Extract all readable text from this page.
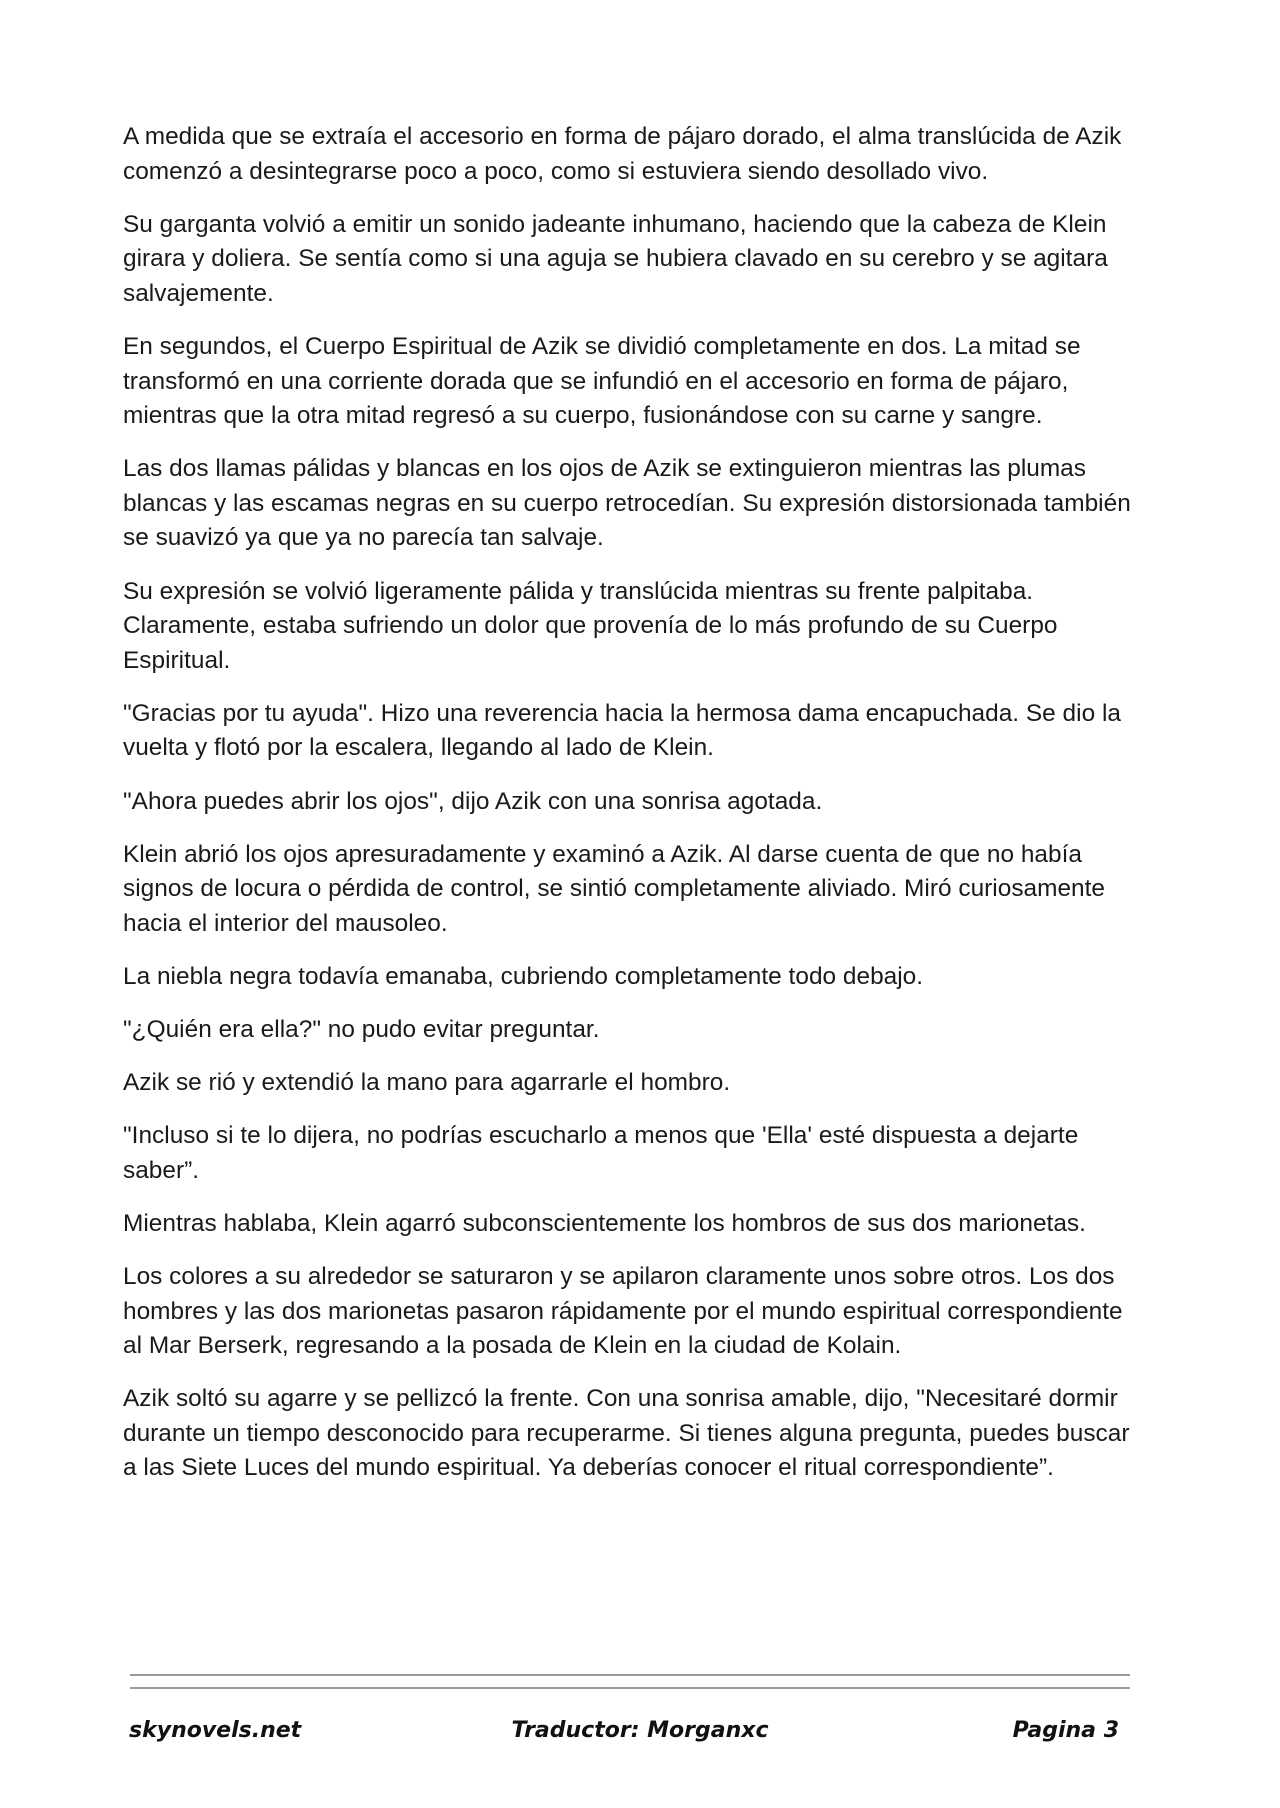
A medida que se extraía el accesorio en forma de pájaro dorado, el alma translúcida de Azik comenzó a desintegrarse poco a poco, como si estuviera siendo desollado vivo.

Su garganta volvió a emitir un sonido jadeante inhumano, haciendo que la cabeza de Klein girara y doliera. Se sentía como si una aguja se hubiera clavado en su cerebro y se agitara salvajemente.

En segundos, el Cuerpo Espiritual de Azik se dividió completamente en dos. La mitad se transformó en una corriente dorada que se infundió en el accesorio en forma de pájaro, mientras que la otra mitad regresó a su cuerpo, fusionándose con su carne y sangre.

Las dos llamas pálidas y blancas en los ojos de Azik se extinguieron mientras las plumas blancas y las escamas negras en su cuerpo retrocedían. Su expresión distorsionada también se suavizó ya que ya no parecía tan salvaje.

Su expresión se volvió ligeramente pálida y translúcida mientras su frente palpitaba. Claramente, estaba sufriendo un dolor que provenía de lo más profundo de su Cuerpo Espiritual.

"Gracias por tu ayuda". Hizo una reverencia hacia la hermosa dama encapuchada. Se dio la vuelta y flotó por la escalera, llegando al lado de Klein.

"Ahora puedes abrir los ojos", dijo Azik con una sonrisa agotada.

Klein abrió los ojos apresuradamente y examinó a Azik. Al darse cuenta de que no había signos de locura o pérdida de control, se sintió completamente aliviado. Miró curiosamente hacia el interior del mausoleo.

La niebla negra todavía emanaba, cubriendo completamente todo debajo.

"¿Quién era ella?" no pudo evitar preguntar.

Azik se rió y extendió la mano para agarrarle el hombro.

"Incluso si te lo dijera, no podrías escucharlo a menos que 'Ella' esté dispuesta a dejarte saber”.

Mientras hablaba, Klein agarró subconscientemente los hombros de sus dos marionetas.

Los colores a su alrededor se saturaron y se apilaron claramente unos sobre otros. Los dos hombres y las dos marionetas pasaron rápidamente por el mundo espiritual correspondiente al Mar Berserk, regresando a la posada de Klein en la ciudad de Kolain.

Azik soltó su agarre y se pellizcó la frente. Con una sonrisa amable, dijo, "Necesitaré dormir durante un tiempo desconocido para recuperarme. Si tienes alguna pregunta, puedes buscar a las Siete Luces del mundo espiritual. Ya deberías conocer el ritual correspondiente”.

skynovels.net	Traductor: Morganxc	Pagina 3
